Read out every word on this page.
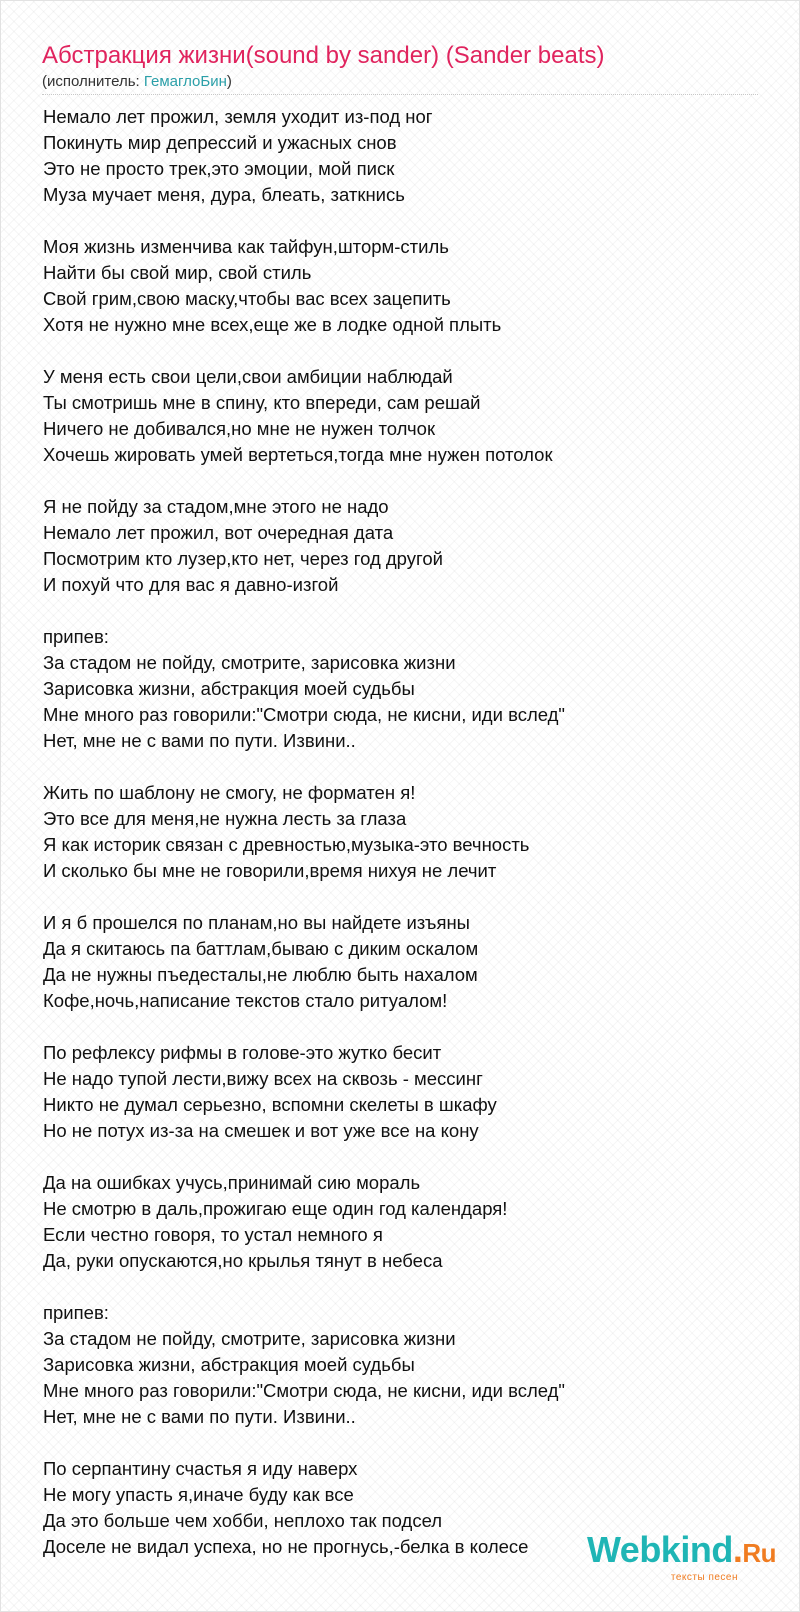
Абстракция жизни(sound by sander) (Sander beats)
(исполнитель: ГемаглоБин)
Немало лет прожил, земля уходит из-под ног
Покинуть мир депрессий и ужасных снов
Это не просто трек,это эмоции, мой писк
Муза мучает меня, дура, блеать, заткнись
Моя жизнь изменчива как тайфун,шторм-стиль
Найти бы свой мир, свой стиль
Свой грим,свою маску,чтобы вас всех зацепить
Хотя не нужно мне всех,еще же в лодке одной плыть
У меня есть свои цели,свои амбиции наблюдай
Ты смотришь мне в спину, кто впереди, сам решай
Ничего не добивался,но мне не нужен толчок
Хочешь жировать умей вертеться,тогда мне нужен потолок
Я не пойду за стадом,мне этого не надо
Немало лет прожил, вот очередная дата
Посмотрим кто лузер,кто нет, через год другой
И похуй что для вас я давно-изгой
припев:
За стадом не пойду, смотрите, зарисовка жизни
Зарисовка жизни, абстракция моей судьбы
Мне много раз говорили:"Смотри сюда, не кисни, иди вслед"
Нет, мне не с вами по пути. Извини..
Жить по шаблону не смогу, не форматен я!
Это все для меня,не нужна лесть за глаза
Я как историк связан с древностью,музыка-это вечность
И сколько бы мне не говорили,время нихуя не лечит
И я б прошелся по планам,но вы найдете изъяны
Да я скитаюсь па баттлам,бываю с диким оскалом
Да не нужны пъедесталы,не люблю быть нахалом
Кофе,ночь,написание текстов стало ритуалом!
По рефлексу рифмы в голове-это жутко бесит
Не надо тупой лести,вижу всех на сквозь - мессинг
Никто не думал серьезно, вспомни скелеты в шкафу
Но не потух из-за на смешек и вот уже все на кону
Да на ошибках учусь,принимай сию мораль
Не смотрю в даль,прожигаю еще один год календаря!
Если честно говоря, то устал немного я
Да, руки опускаются,но крылья тянут в небеса
припев:
За стадом не пойду, смотрите, зарисовка жизни
Зарисовка жизни, абстракция моей судьбы
Мне много раз говорили:"Смотри сюда, не кисни, иди вслед"
Нет, мне не с вами по пути. Извини..
По серпантину счастья я иду наверх
Не могу упасть я,иначе буду как все
Да это больше чем хобби, неплохо так подсел
Доселе не видал успеха, но не прогнусь,-белка в колесе	Webkind.Ru
тексты песен
